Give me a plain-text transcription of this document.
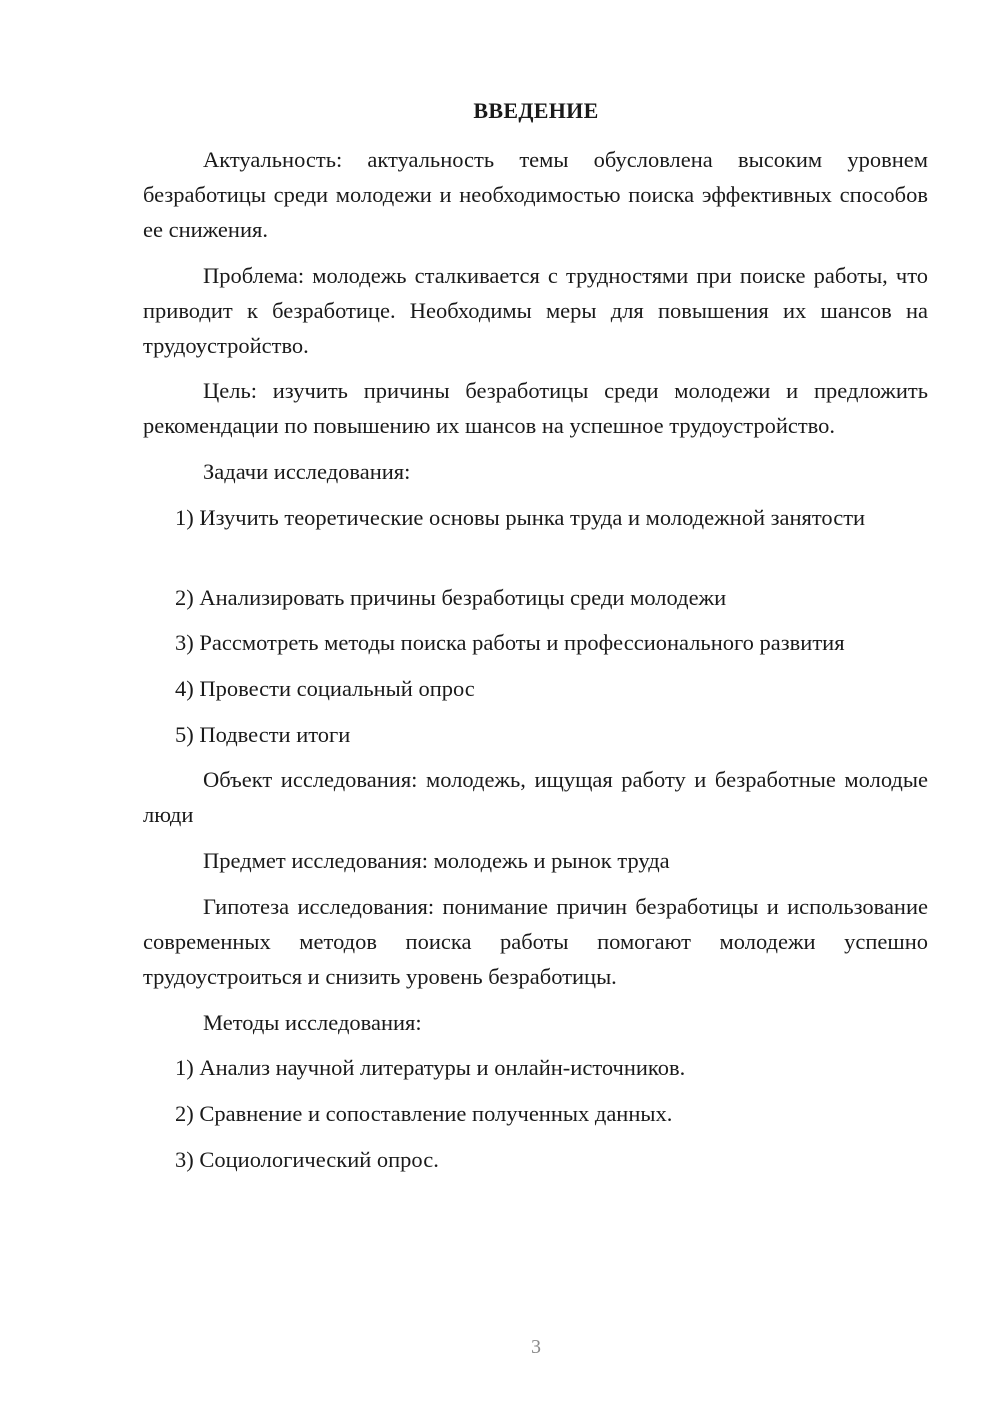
ВВЕДЕНИЕ

Актуальность: актуальность темы обусловлена высоким уровнем безработицы среди молодежи и необходимостью поиска эффективных способов ее снижения.

Проблема: молодежь сталкивается с трудностями при поиске работы, что приводит к безработице. Необходимы меры для повышения их шансов на трудоустройство.

Цель: изучить причины безработицы среди молодежи и предложить рекомендации по повышению их шансов на успешное трудоустройство.

Задачи исследования:

1) Изучить теоретические основы рынка труда и молодежной занятости

2) Анализировать причины безработицы среди молодежи

3) Рассмотреть методы поиска работы и профессионального развития

4) Провести социальный опрос

5) Подвести итоги

Объект исследования: молодежь, ищущая работу и безработные молодые люди

Предмет исследования: молодежь и рынок труда

Гипотеза исследования: понимание причин безработицы и использование современных методов поиска работы помогают молодежи успешно трудоустроиться и снизить уровень безработицы.

Методы исследования:

1) Анализ научной литературы и онлайн-источников.

2) Сравнение и сопоставление полученных данных.

3) Социологический опрос.

3
